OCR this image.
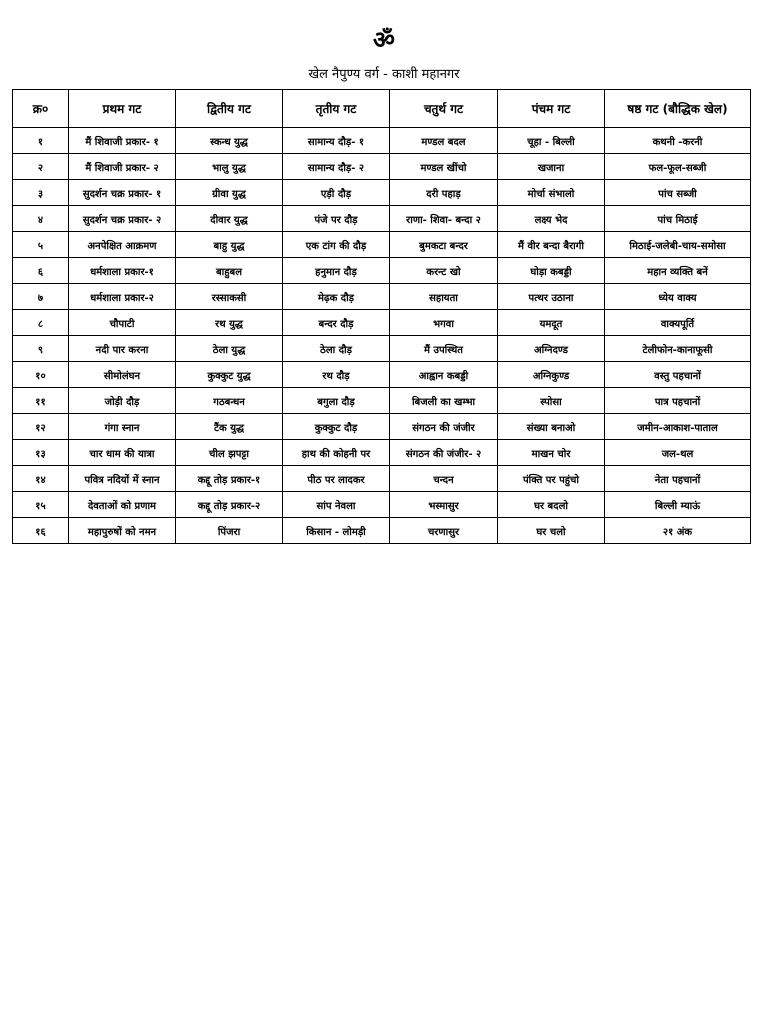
ॐ
खेल नैपुण्य वर्ग - काशी महानगर
क्र०	प्रथम गट	द्वितीय गट	तृतीय गट	चतुर्थ गट	पंचम गट	षष्ठ गट (बौद्धिक खेल)
१	मैं शिवाजी प्रकार- १	स्कन्ध युद्ध	सामान्य दौड़- १	मण्डल बदल	चूहा - बिल्ली	कथनी -करनी
२	मैं शिवाजी प्रकार- २	भालु युद्ध	सामान्य दौड़- २	मण्डल खींचो	खजाना	फल-फूल-सब्जी
३	सुदर्शन चक्र प्रकार- १	ग्रीवा युद्ध	एड़ी दौड़	दरी पहाड़	मोर्चा संभालो	पांच सब्जी
४	सुदर्शन चक्र प्रकार- २	दीवार युद्ध	पंजे पर दौड़	राणा- शिवा- बन्दा २	लक्ष्य भेद	पांच मिठाई
५	अनपेक्षित आक्रमण	बाहु युद्ध	एक टांग की दौड़	बुमकटा बन्दर	मैं वीर बन्दा बैरागी	मिठाई-जलेबी-चाय-समोसा
६	धर्मशाला प्रकार-१	बाहुबल	हनुमान दौड़	करन्ट खो	घोड़ा कबड्डी	महान व्यक्ति बनें
७	धर्मशाला प्रकार-२	रस्साकसी	मेढ़क दौड़	सहायता	पत्थर उठाना	ध्येय वाक्य
८	चौपाटी	रथ युद्ध	बन्दर दौड़	भगवा	यमदूत	वाक्यपूर्ति
९	नदी पार करना	ठेला युद्ध	ठेला दौड़	मैं उपस्थित	अग्निदण्ड	टेलीफोन-कानाफूसी
१०	सीमोलंघन	कुक्कुट युद्ध	रथ दौड़	आह्वान कबड्डी	अग्निकुण्ड	वस्तु पहचानों
११	जोड़ी दौड़	गठबन्धन	बगुला दौड़	बिजली का खम्भा	स्पोसा	पात्र पहचानों
१२	गंगा स्नान	टैंक युद्ध	कुक्कुट दौड़	संगठन की जंजीर	संख्या बनाओ	जमीन-आकाश-पाताल
१३	चार धाम की यात्रा	चील झपट्टा	हाथ की कोहनी पर	संगठन की जंजीर- २	माखन चोर	जल-थल
१४	पवित्र नदियों में स्नान	कद्दू तोड़ प्रकार-१	पीठ पर लादकर	चन्दन	पंक्ति पर पहुंचो	नेता पहचानों
१५	देवताओं को प्रणाम	कद्दू तोड़ प्रकार-२	सांप नेवला	भस्मासुर	घर बदलो	बिल्ली म्याऊं
१६	महापुरुषों को नमन	पिंजरा	किसान - लोमड़ी	चरणासुर	घर चलो	२१ अंक
